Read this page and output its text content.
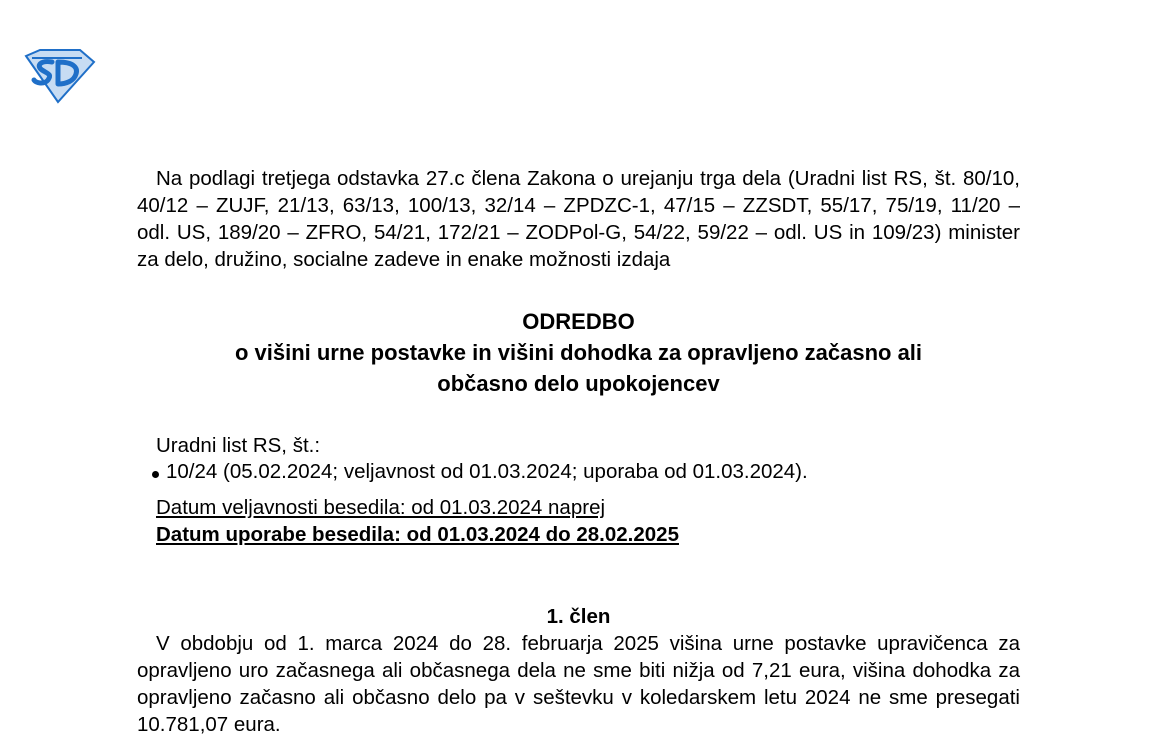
Na podlagi tretjega odstavka 27.c člena Zakona o urejanju trga dela (Uradni list RS, št. 80/10, 40/12 – ZUJF, 21/13, 63/13, 100/13, 32/14 – ZPDZC-1, 47/15 – ZZSDT, 55/17, 75/19, 11/20 – odl. US, 189/20 – ZFRO, 54/21, 172/21 – ZODPol-G, 54/22, 59/22 – odl. US in 109/23) minister za delo, družino, socialne zadeve in enake možnosti izdaja

ODREDBO
o višini urne postavke in višini dohodka za opravljeno začasno ali
občasno delo upokojencev
Uradni list RS, št.:
10/24 (05.02.2024; veljavnost od 01.03.2024; uporaba od 01.03.2024).
Datum veljavnosti besedila: od 01.03.2024 naprej
Datum uporabe besedila: od 01.03.2024 do 28.02.2025
1. člen

V obdobju od 1. marca 2024 do 28. februarja 2025 višina urne postavke upravičenca za opravljeno uro začasnega ali občasnega dela ne sme biti nižja od 7,21 eura, višina dohodka za opravljeno začasno ali občasno delo pa v seštevku v koledarskem letu 2024 ne sme presegati 10.781,07 eura.
